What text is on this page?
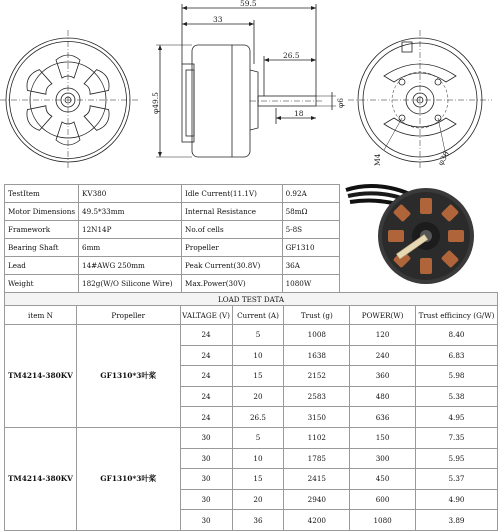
59.5
33
26.5
18
φ49.5	φ6
M4	φ30
TestItem	KV380	Idle Current(11.1V)	0.92A
Motor Dimensions	49.5*33mm	Internal Resistance	58mΩ
Framework	12N14P	No.of cells	5-8S
Bearing Shaft	6mm	Propeller	GF1310
Lead	14#AWG 250mm	Peak Current(30.8V)	36A
Weight	182g(W/O Silicone Wire)	Max.Power(30V)	1080W
LOAD TEST DATA						
item N	Propeller	VALTAGE (V)	Current (A)	Trust (g)	POWER(W)	Trust efficincy (G/W)
TM4214-380KV	GF1310*3叶桨	24	5	1008	120	8.40
		24	10	1638	240	6.83
		24	15	2152	360	5.98
		24	20	2583	480	5.38
		24	26.5	3150	636	4.95
TM4214-380KV	GF1310*3叶桨	30	5	1102	150	7.35
		30	10	1785	300	5.95
		30	15	2415	450	5.37
		30	20	2940	600	4.90
		30	36	4200	1080	3.89
